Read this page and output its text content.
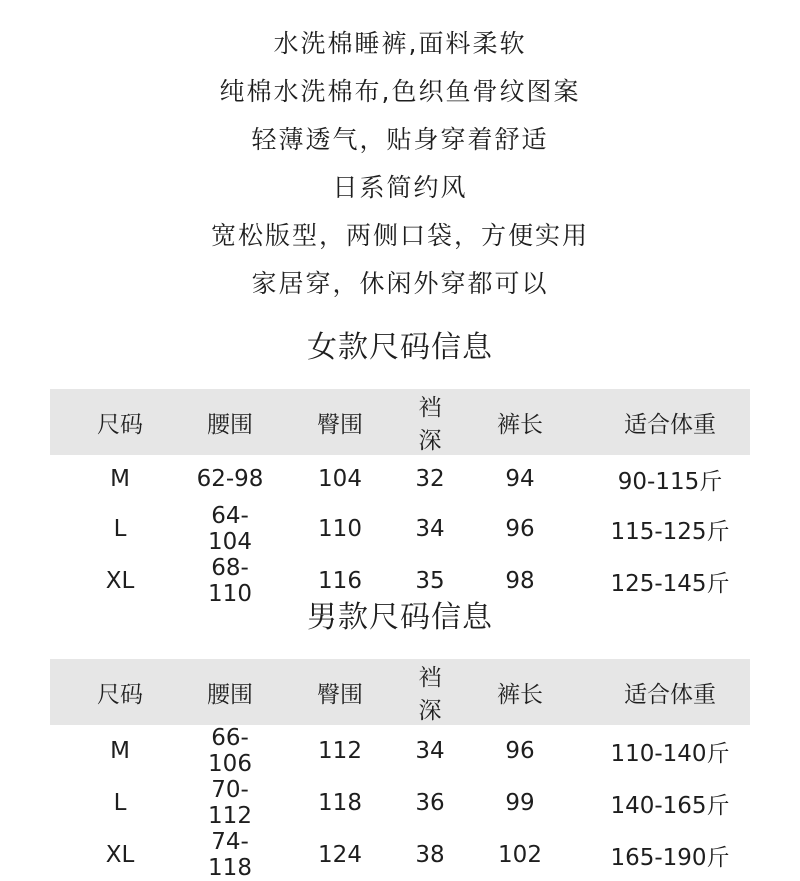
水洗棉睡裤,面料柔软
纯棉水洗棉布,色织鱼骨纹图案
轻薄透气，贴身穿着舒适
日系简约风
宽松版型，两侧口袋，方便实用
家居穿，休闲外穿都可以
女款尺码信息
尺码	腰围	臀围	裆深	裤长	适合体重
M	62-98	104	32	94	90-115斤
L	64-104	110	34	96	115-125斤
XL	68-110	116	35	98	125-145斤
男款尺码信息
尺码	腰围	臀围	裆深	裤长	适合体重
M	66-106	112	34	96	110-140斤
L	70-112	118	36	99	140-165斤
XL	74-118	124	38	102	165-190斤
